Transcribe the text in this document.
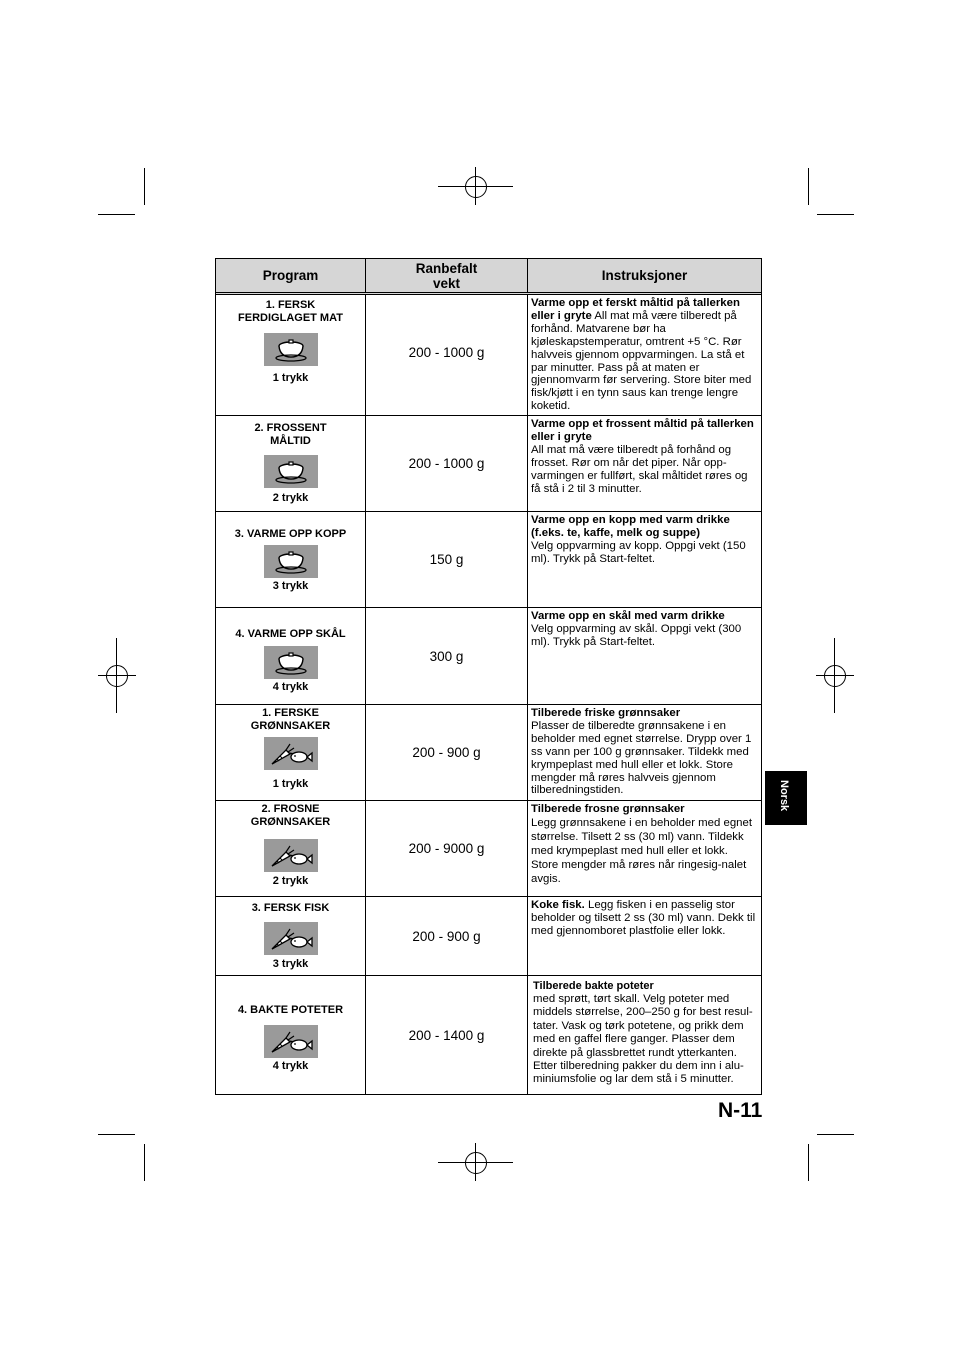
Program	Ranbefalt
vekt	Instruksjoner
1. FERSK
FERDIGLAGET MAT
1 trykk
200 - 1000 g
Varme opp et ferskt måltid på tallerken eller i gryte All mat må være tilberedt på forhånd. Matvarene bør ha kjøleskapstemperatur, omtrent +5 °C. Rør halvveis gjennom oppvarmingen. La stå et par minutter. Pass på at maten er gjennomvarm før servering. Store biter med fisk/kjøtt i en tynn saus kan trenge lengre koketid.
2. FROSSENT
MÅLTID
2 trykk
200 - 1000 g
Varme opp et frossent måltid på tallerken eller i gryte
All mat må være tilberedt på forhånd og frosset. Rør om når det piper. Når opp-varmingen er fullført, skal måltidet røres og få stå i 2 til 3 minutter.
3. VARME OPP KOPP
3 trykk
150 g
Varme opp en kopp med varm drikke (f.eks. te, kaffe, melk og suppe)
Velg oppvarming av kopp. Oppgi vekt (150 ml). Trykk på Start-feltet.
4. VARME OPP SKÅL
4 trykk
300 g
Varme opp en skål med varm drikke
Velg oppvarming av skål. Oppgi vekt (300 ml). Trykk på Start-feltet.
1. FERSKE
GRØNNSAKER
1 trykk
200 - 900 g
Tilberede friske grønnsaker
Plasser de tilberedte grønnsakene i en beholder med egnet størrelse. Drypp over 1 ss vann per 100 g grønnsaker. Tildekk med krympeplast med hull eller et lokk. Store mengder må røres halvveis gjennom tilberedningstiden.
2. FROSNE
GRØNNSAKER
2 trykk
200 - 9000 g
Tilberede frosne grønnsaker
Legg grønnsakene i en beholder med egnet størrelse. Tilsett 2 ss (30 ml) vann. Tildekk med krympeplast med hull eller et lokk. Store mengder må røres når ringesig-nalet avgis.
3. FERSK FISK
3 trykk
200 - 900 g
Koke fisk. Legg fisken i en passelig stor beholder og tilsett 2 ss (30 ml) vann. Dekk til med gjennomboret plastfolie eller lokk.
4. BAKTE POTETER
4 trykk
200 - 1400 g
Tilberede bakte poteter
med sprøtt, tørt skall. Velg poteter med middels størrelse, 200–250 g for best resul-tater. Vask og tørk potetene, og prikk dem med en gaffel flere ganger. Plasser dem direkte på glassbrettet rundt ytterkanten. Etter tilberedning pakker du dem inn i alu-miniumsfolie og lar dem stå i 5 minutter.
Norsk
N-11
